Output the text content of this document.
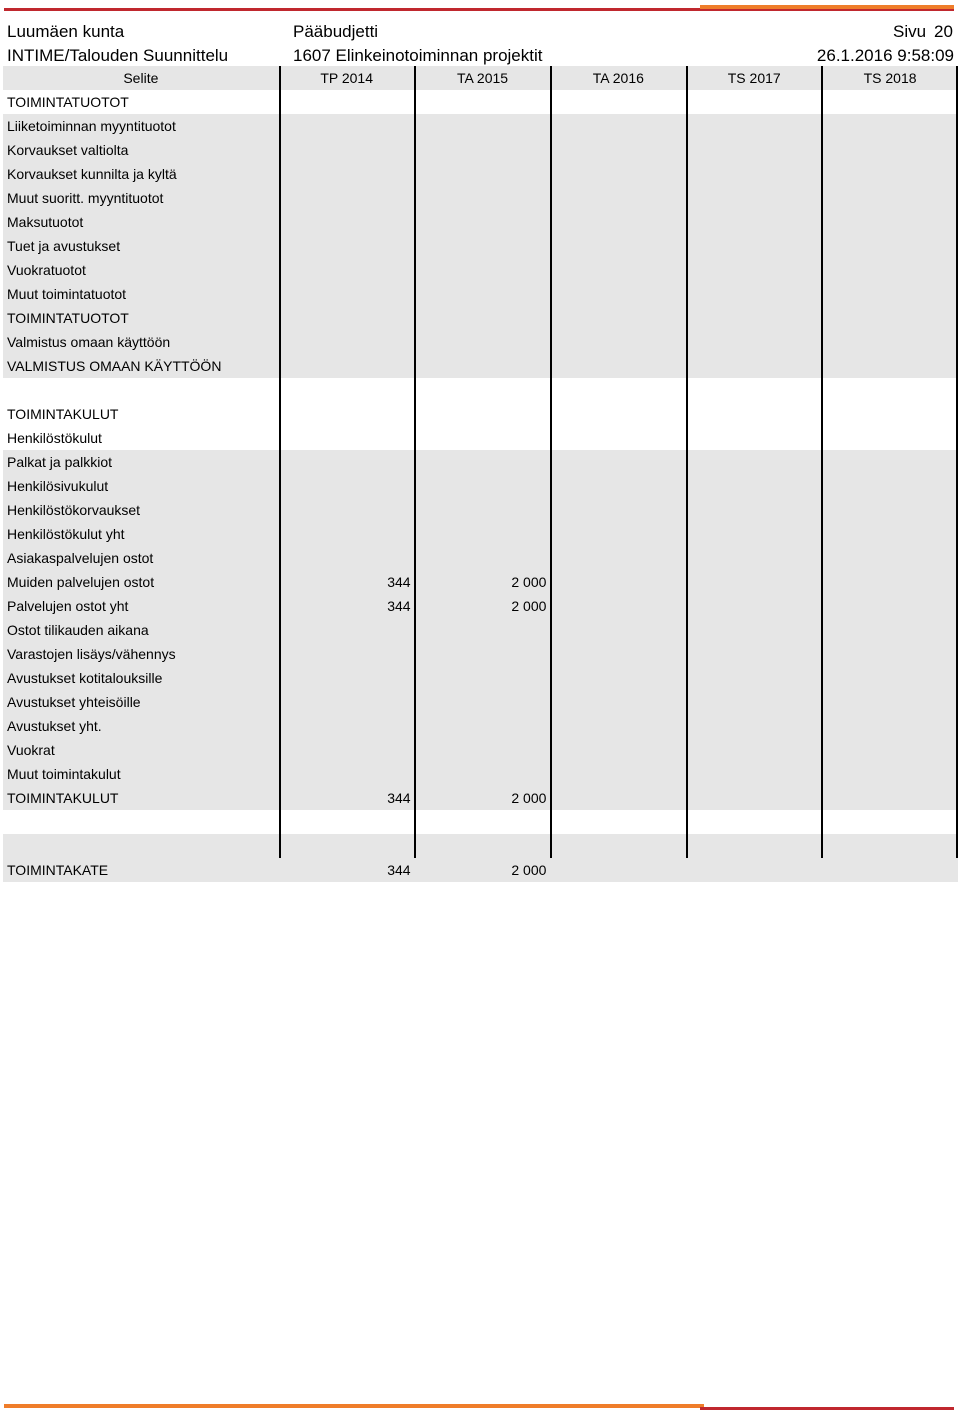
Luumäen kunta
INTIME/Talouden Suunnittelu
Pääbudjetti
1607 Elinkeinotoiminnan projektit
Sivu 20
26.1.2016 9:58:09
Selite	TP 2014	TA 2015	TA 2016	TS 2017	TS 2018
TOIMINTATUOTOT
Liiketoiminnan myyntituotot
Korvaukset valtiolta
Korvaukset kunnilta ja kyltä
Muut suoritt. myyntituotot
Maksutuotot
Tuet ja avustukset
Vuokratuotot
Muut toimintatuotot
TOIMINTATUOTOT
Valmistus omaan käyttöön
VALMISTUS OMAAN KÄYTTÖÖN
TOIMINTAKULUT
Henkilöstökulut
Palkat ja palkkiot
Henkilösivukulut
Henkilöstökorvaukset
Henkilöstökulut yht
Asiakaspalvelujen ostot
Muiden palvelujen ostot	344	2 000
Palvelujen ostot yht	344	2 000
Ostot tilikauden aikana
Varastojen lisäys/vähennys
Avustukset kotitalouksille
Avustukset yhteisöille
Avustukset yht.
Vuokrat
Muut toimintakulut
TOIMINTAKULUT	344	2 000
TOIMINTAKATE	344	2 000
